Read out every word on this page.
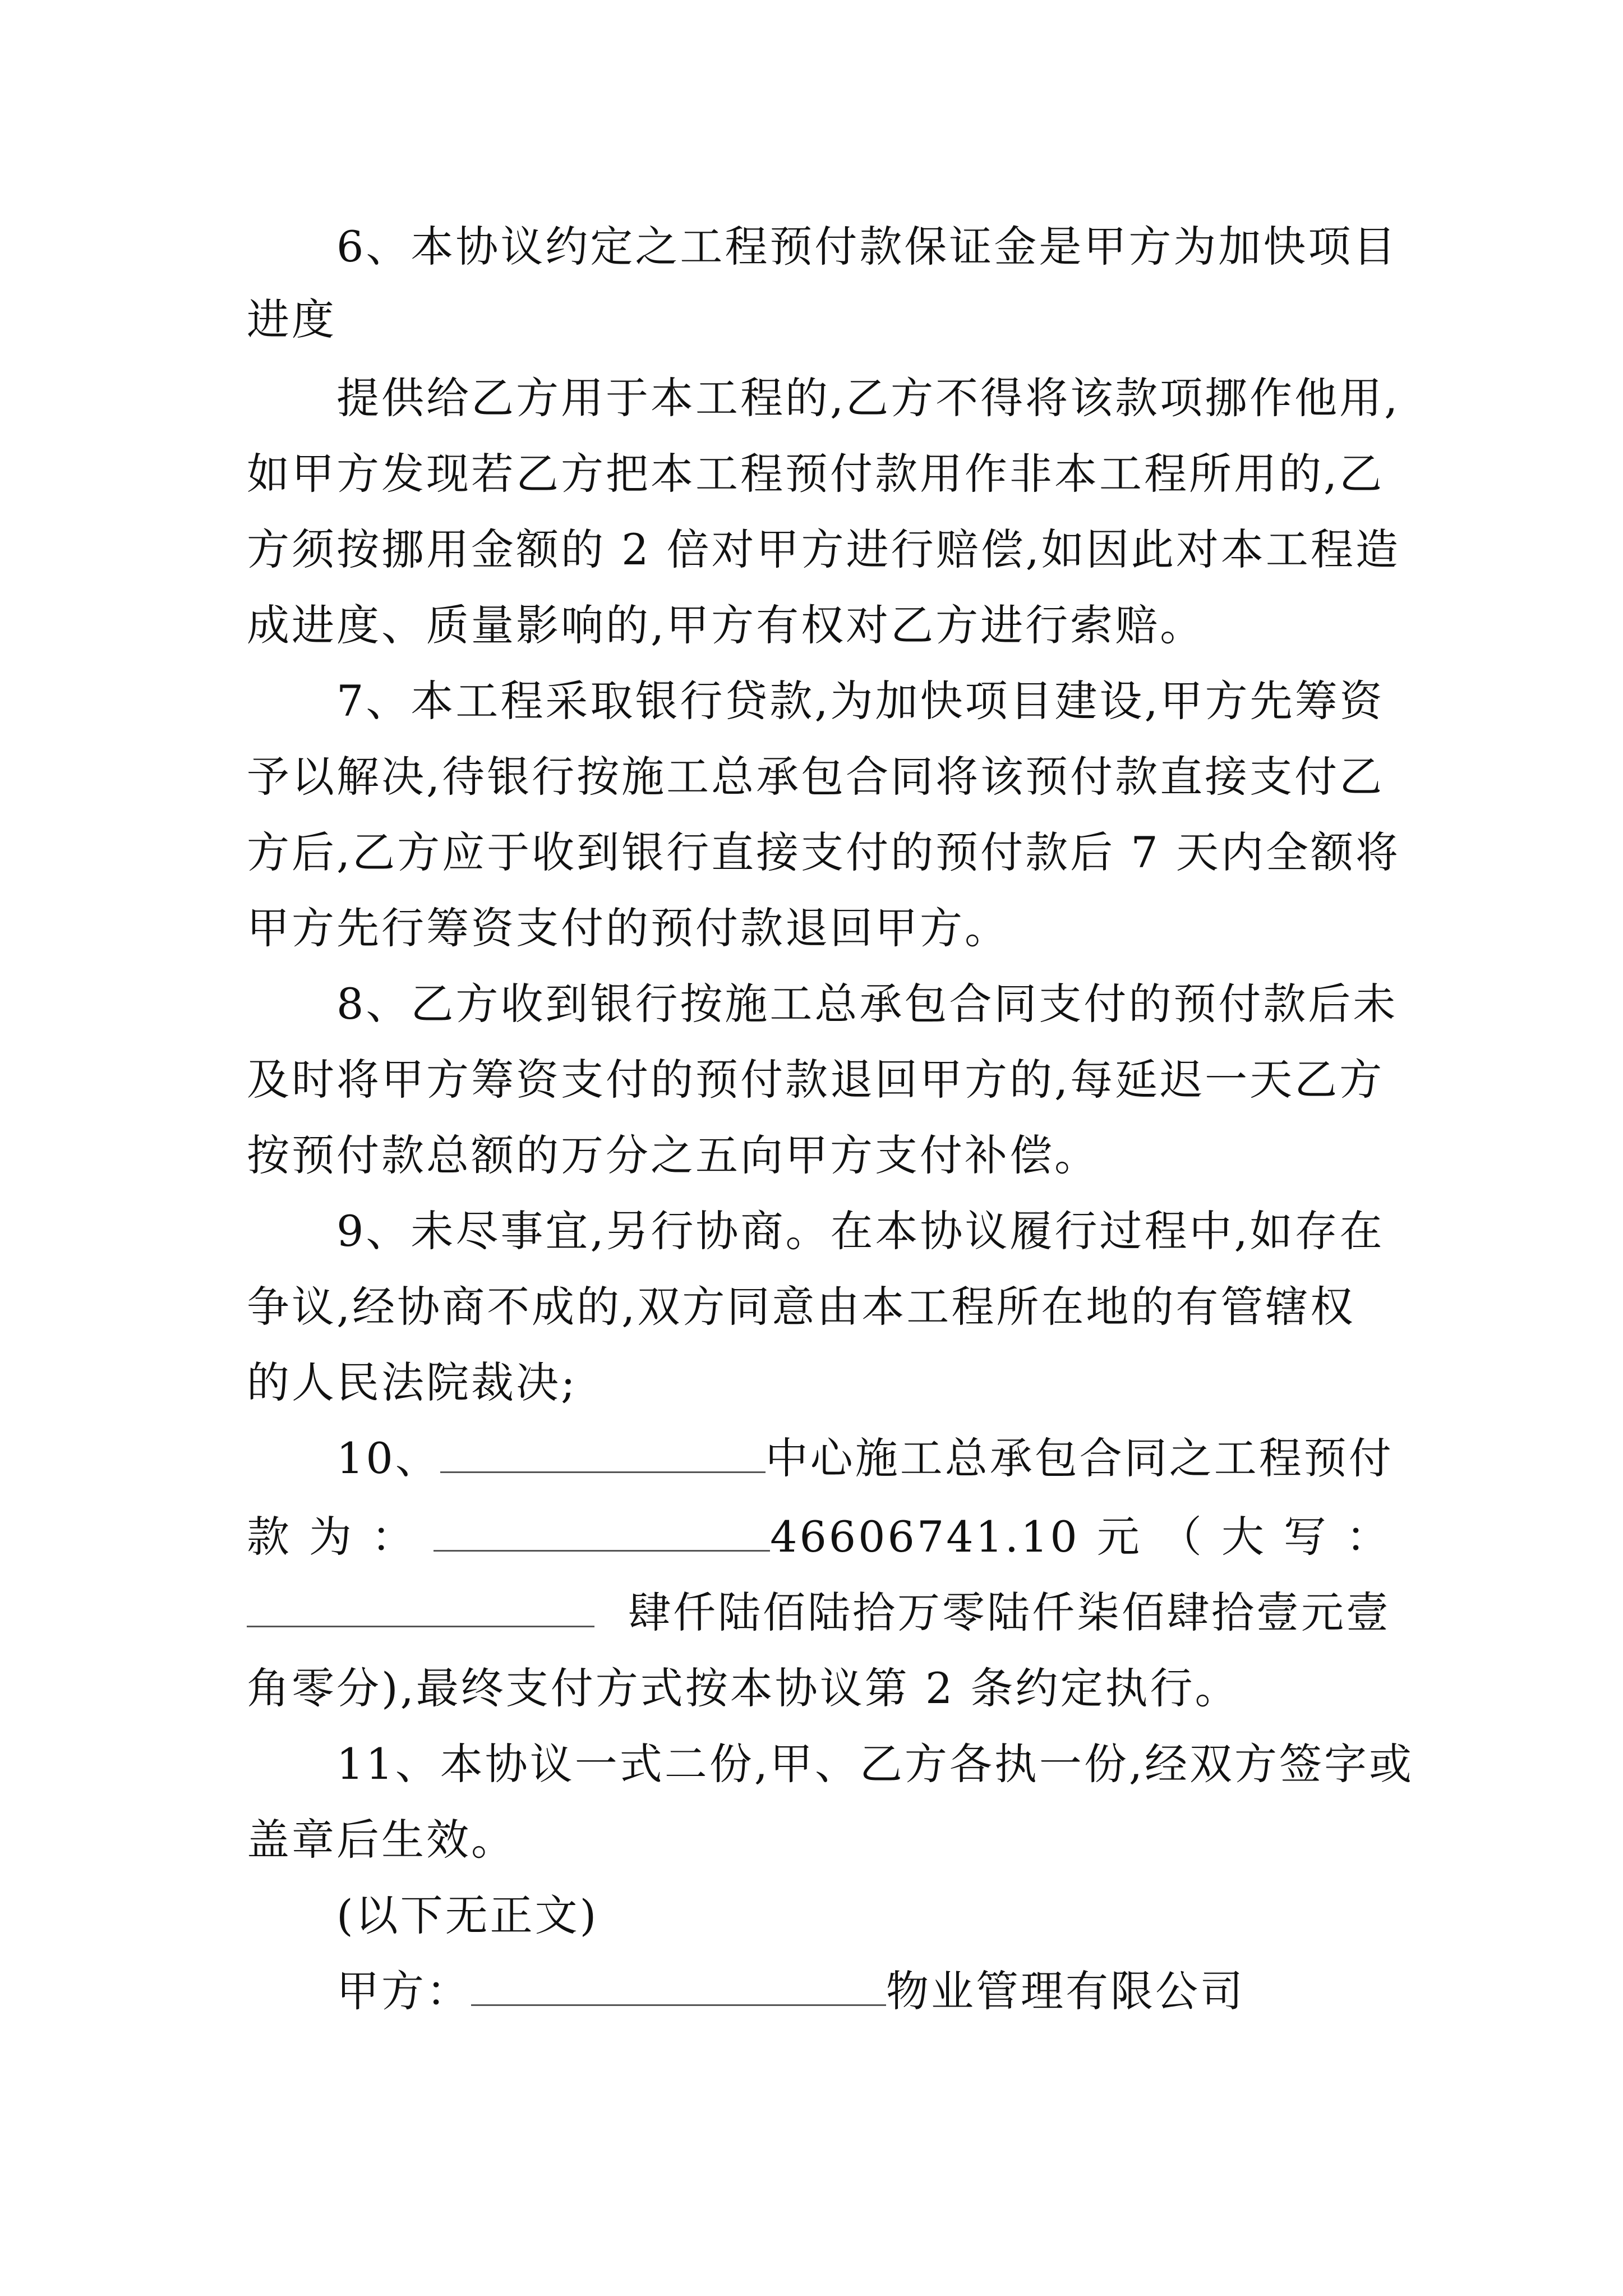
6、本协议约定之工程预付款保证金是甲方为加快项目
进度
提供给乙方用于本工程的,乙方不得将该款项挪作他用,
如甲方发现若乙方把本工程预付款用作非本工程所用的,乙
方须按挪用金额的 2 倍对甲方进行赔偿,如因此对本工程造
成进度、质量影响的,甲方有权对乙方进行索赔。
7、本工程采取银行贷款,为加快项目建设,甲方先筹资
予以解决,待银行按施工总承包合同将该预付款直接支付乙
方后,乙方应于收到银行直接支付的预付款后 7 天内全额将
甲方先行筹资支付的预付款退回甲方。
8、乙方收到银行按施工总承包合同支付的预付款后未
及时将甲方筹资支付的预付款退回甲方的,每延迟一天乙方
按预付款总额的万分之五向甲方支付补偿。
9、未尽事宜,另行协商。在本协议履行过程中,如存在
争议,经协商不成的,双方同意由本工程所在地的有管辖权
的人民法院裁决;
10、	中心施工总承包合同之工程预付
款 为 ：	46606741.10 元 （ 大 写 ：
肆仟陆佰陆拾万零陆仟柒佰肆拾壹元壹
角零分),最终支付方式按本协议第 2 条约定执行。
11、本协议一式二份,甲、乙方各执一份,经双方签字或
盖章后生效。
(以下无正文)
甲方：	物业管理有限公司
